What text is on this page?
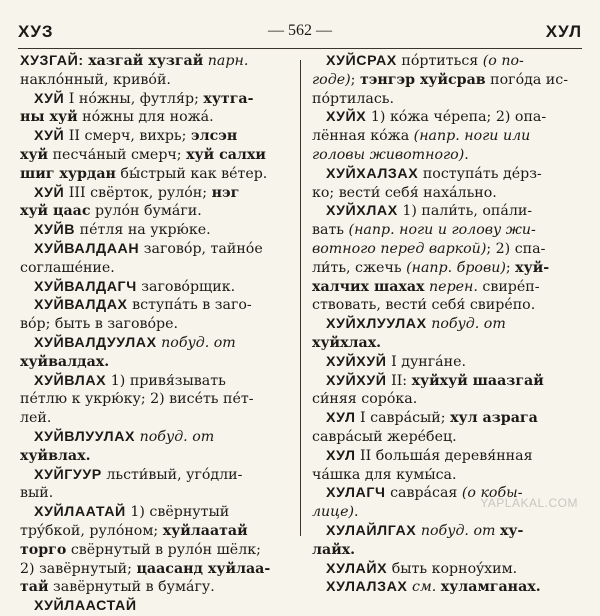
ХУЗ	— 562 —	ХУЛ

ХУЗГАЙ: хазгай хузгай парн. наклóнный, кривóй.

ХУЙ I нóжны, футля́р; хутга-

ны хуй нóжны для ножá.

ХУЙ II смерч, вихрь; элсэн

хуй песча́ный смерч; хуй салхи

шиг хурдан бы́стрый как вéтер.

ХУЙ III свёрток, рулóн; нэг

хуй цаас рулóн бумáги.

ХУЙВ пéтля на укрю́ке.

ХУЙВАЛДААН заговóр, тайнóе

соглашéние.

ХУЙВАЛДАГЧ заговóрщик.

ХУЙВАЛДАХ вступáть в заго-

вóр; быть в заговóре.

ХУЙВАЛДУУЛАХ побуд. от

хуйвалдах.

ХУЙВЛАХ 1) привя́зывать

пéтлю к укрю́ку; 2) висéть пéт-

лей.

ХУЙВЛУУЛАХ побуд. от

хуйвлах.

ХУЙГУУР льсти́вый, угóдли-

вый.

ХУЙЛААТАЙ 1) свёрнутый

трýбкой, рулóном; хуйлаатай

торго свёрнутый в рулóн шёлк;

2) завёрнутый; цаасанд хуйлаа-

тай завёрнутый в бумáгу.

ХУЙЛААСТАЙ

ХУЙСРАХ пóртиться (о по-

годе); тэнгэр хуйсрав погóда ис-

пóртилась.

ХУЙХ 1) кóжа чéрепа; 2) опа-

лённая кóжа (напр. ноги или

головы животного).

ХУЙХАЛЗАХ поступáть дéрз-

ко; вести́ себя́ нахáльно.

ХУЙХЛАХ 1) пали́ть, опáли-

вать (напр. ноги и голову жи-

вотного перед варкой); 2) спа-

ли́ть, сжечь (напр. брови); хуй-

халчих шахах перен. свирéп-

ствовать, вести́ себя́ свирéпо.

ХУЙХЛУУЛАХ побуд. от

хуйхлах.

ХУЙХУЙ I дунгáне.

ХУЙХУЙ II: хуйхуй шаазгай

си́няя сорóка.

ХУЛ I саврáсый; хул азрага

саврáсый жерéбец.

ХУЛ II большáя деревя́нная

чáшка для кумы́са.

ХУЛАГЧ саврáсая (о кобы-

лице).

ХУЛАЙЛГАХ побуд. от ху-

лайх.

ХУЛАЙХ быть корноýхим.

ХУЛАЛЗАХ см. хуламганах.

YAPLAKAL.COM
